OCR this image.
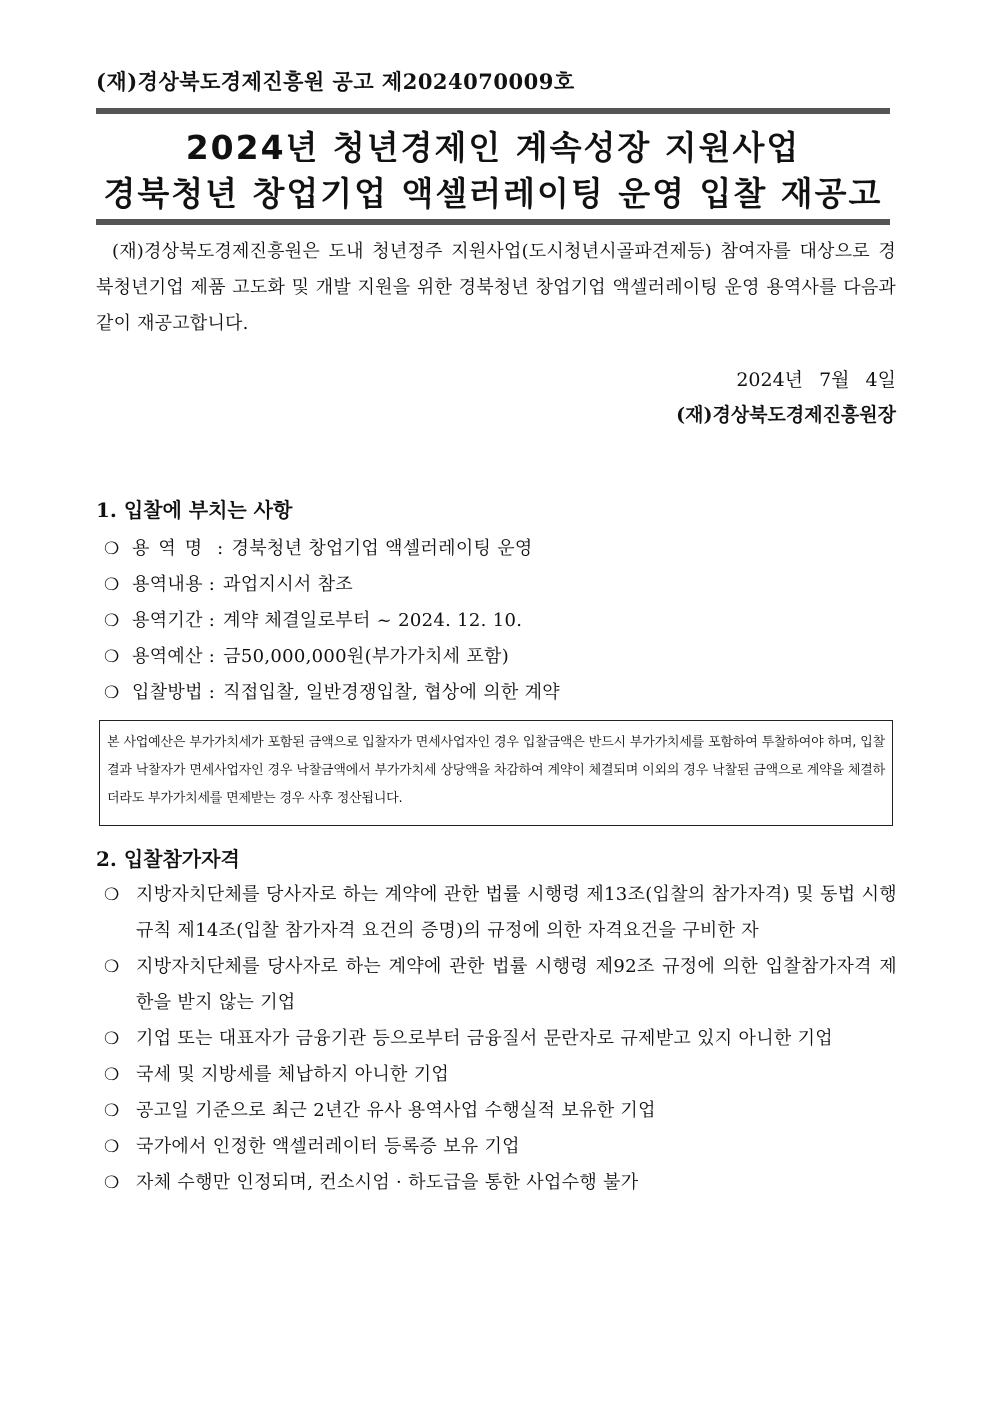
(재)경상북도경제진흥원 공고 제2024070009호
2024년 청년경제인 계속성장 지원사업
경북청년 창업기업 액셀러레이팅 운영 입찰 재공고
(재)경상북도경제진흥원은 도내 청년정주 지원사업(도시청년시골파견제등) 참여자를 대상으로 경북청년기업 제품 고도화 및 개발 지원을 위한 경북청년 창업기업 액셀러레이팅 운영 용역사를 다음과 같이 재공고합니다.
2024년 7월 4일
(재)경상북도경제진흥원장
1. 입찰에 부치는 사항
❍ 용역명 : 경북청년 창업기업 액셀러레이팅 운영
❍ 용역내용 : 과업지시서 참조
❍ 용역기간 : 계약 체결일로부터 ~ 2024. 12. 10.
❍ 용역예산 : 금50,000,000원(부가가치세 포함)
❍ 입찰방법 : 직접입찰, 일반경쟁입찰, 협상에 의한 계약
본 사업예산은 부가가치세가 포함된 금액으로 입찰자가 면세사업자인 경우 입찰금액은 반드시 부가가치세를 포함하여 투찰하여야 하며, 입찰결과 낙찰자가 면세사업자인 경우 낙찰금액에서 부가가치세 상당액을 차감하여 계약이 체결되며 이외의 경우 낙찰된 금액으로 계약을 체결하더라도 부가가치세를 면제받는 경우 사후 정산됩니다.
2. 입찰참가자격
❍ 지방자치단체를 당사자로 하는 계약에 관한 법률 시행령 제13조(입찰의 참가자격) 및 동법 시행규칙 제14조(입찰 참가자격 요건의 증명)의 규정에 의한 자격요건을 구비한 자
❍ 지방자치단체를 당사자로 하는 계약에 관한 법률 시행령 제92조 규정에 의한 입찰참가자격 제한을 받지 않는 기업
❍ 기업 또는 대표자가 금융기관 등으로부터 금융질서 문란자로 규제받고 있지 아니한 기업
❍ 국세 및 지방세를 체납하지 아니한 기업
❍ 공고일 기준으로 최근 2년간 유사 용역사업 수행실적 보유한 기업
❍ 국가에서 인정한 액셀러레이터 등록증 보유 기업
❍ 자체 수행만 인정되며, 컨소시엄 · 하도급을 통한 사업수행 불가
